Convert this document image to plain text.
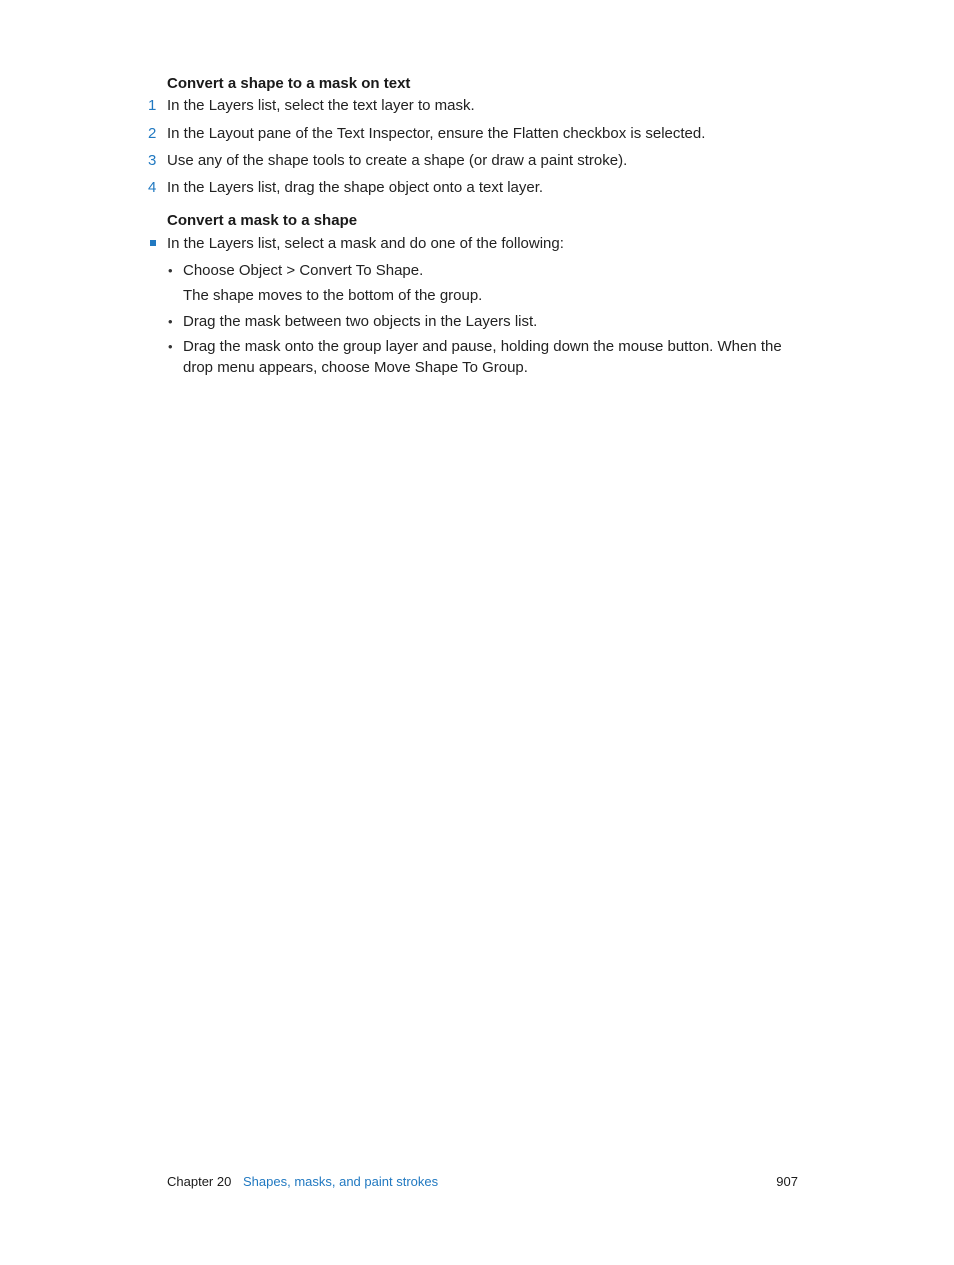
Convert a shape to a mask on text
1 In the Layers list, select the text layer to mask.
2 In the Layout pane of the Text Inspector, ensure the Flatten checkbox is selected.
3 Use any of the shape tools to create a shape (or draw a paint stroke).
4 In the Layers list, drag the shape object onto a text layer.
Convert a mask to a shape
In the Layers list, select a mask and do one of the following:
• Choose Object > Convert To Shape.
The shape moves to the bottom of the group.
• Drag the mask between two objects in the Layers list.
• Drag the mask onto the group layer and pause, holding down the mouse button. When the
drop menu appears, choose Move Shape To Group.
Chapter 20 Shapes, masks, and paint strokes	907
